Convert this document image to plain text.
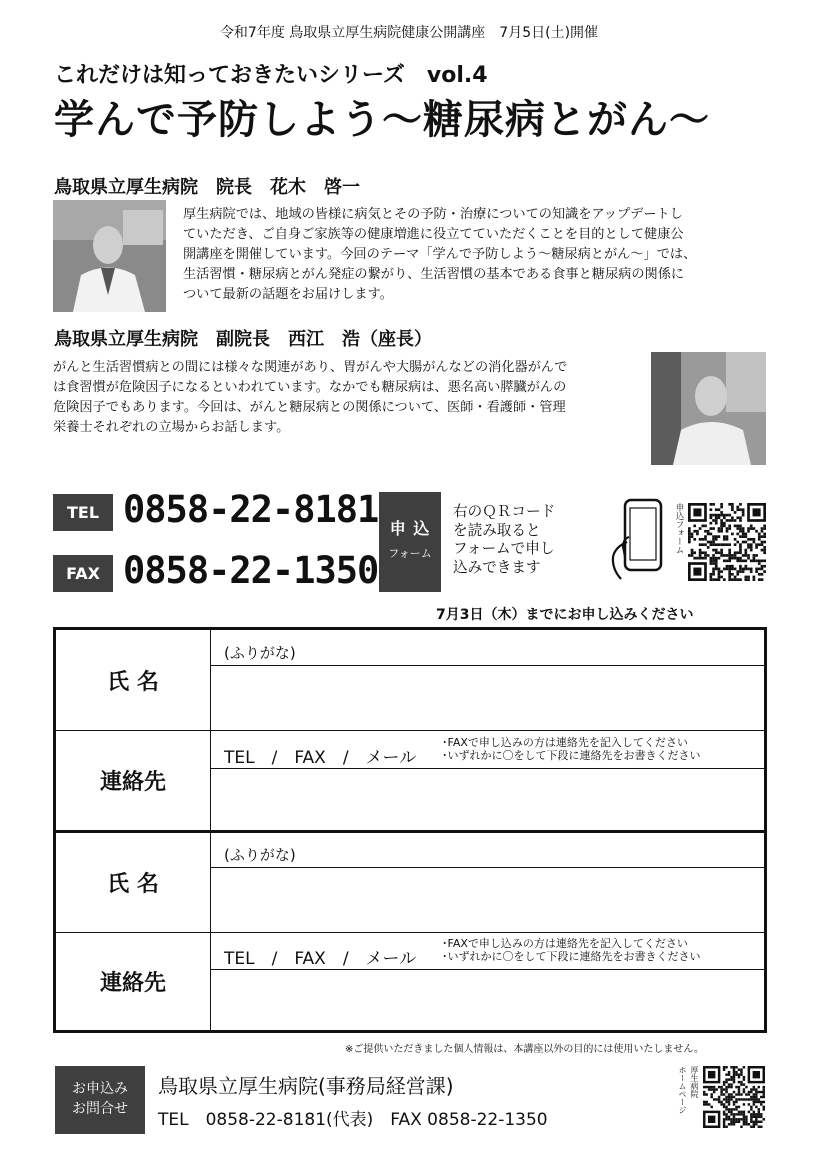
令和7年度 鳥取県立厚生病院健康公開講座　7月5日(土)開催
これだけは知っておきたいシリーズ　vol.4
学んで予防しよう～糖尿病とがん～
鳥取県立厚生病院　院長　花木　啓一
厚生病院では、地域の皆様に病気とその予防・治療についての知識をアップデートし
ていただき、ご自身ご家族等の健康増進に役立てていただくことを目的として健康公
開講座を開催しています。今回のテーマ「学んで予防しよう～糖尿病とがん～」では、
生活習慣・糖尿病とがん発症の繋がり、生活習慣の基本である食事と糖尿病の関係に
ついて最新の話題をお届けします。
鳥取県立厚生病院　副院長　西江　浩（座長）
がんと生活習慣病との間には様々な関連があり、胃がんや大腸がんなどの消化器がんで
は食習慣が危険因子になるといわれています。なかでも糖尿病は、悪名高い膵臓がんの
危険因子でもあります。今回は、がんと糖尿病との関係について、医師・看護師・管理
栄養士それぞれの立場からお話します。
TEL 0858-22-8181
FAX 0858-22-1350
申 込
フォーム
右のＱＲコード
を読み取ると
フォームで申し
込みできます
申込フォーム
7月3日（木）までにお申し込みください
氏 名
(ふりがな)
連絡先
TEL　/　FAX　/　メール
･FAXで申し込みの方は連絡先を記入してください
･いずれかに〇をして下段に連絡先をお書きください
氏 名
(ふりがな)
連絡先
TEL　/　FAX　/　メール
･FAXで申し込みの方は連絡先を記入してください
･いずれかに〇をして下段に連絡先をお書きください
※ご提供いただきました個人情報は、本講座以外の目的には使用いたしません。
お申込み
お問合せ
鳥取県立厚生病院(事務局経営課)
TEL　0858-22-8181(代表)　FAX 0858-22-1350
ホームページ 厚生病院
